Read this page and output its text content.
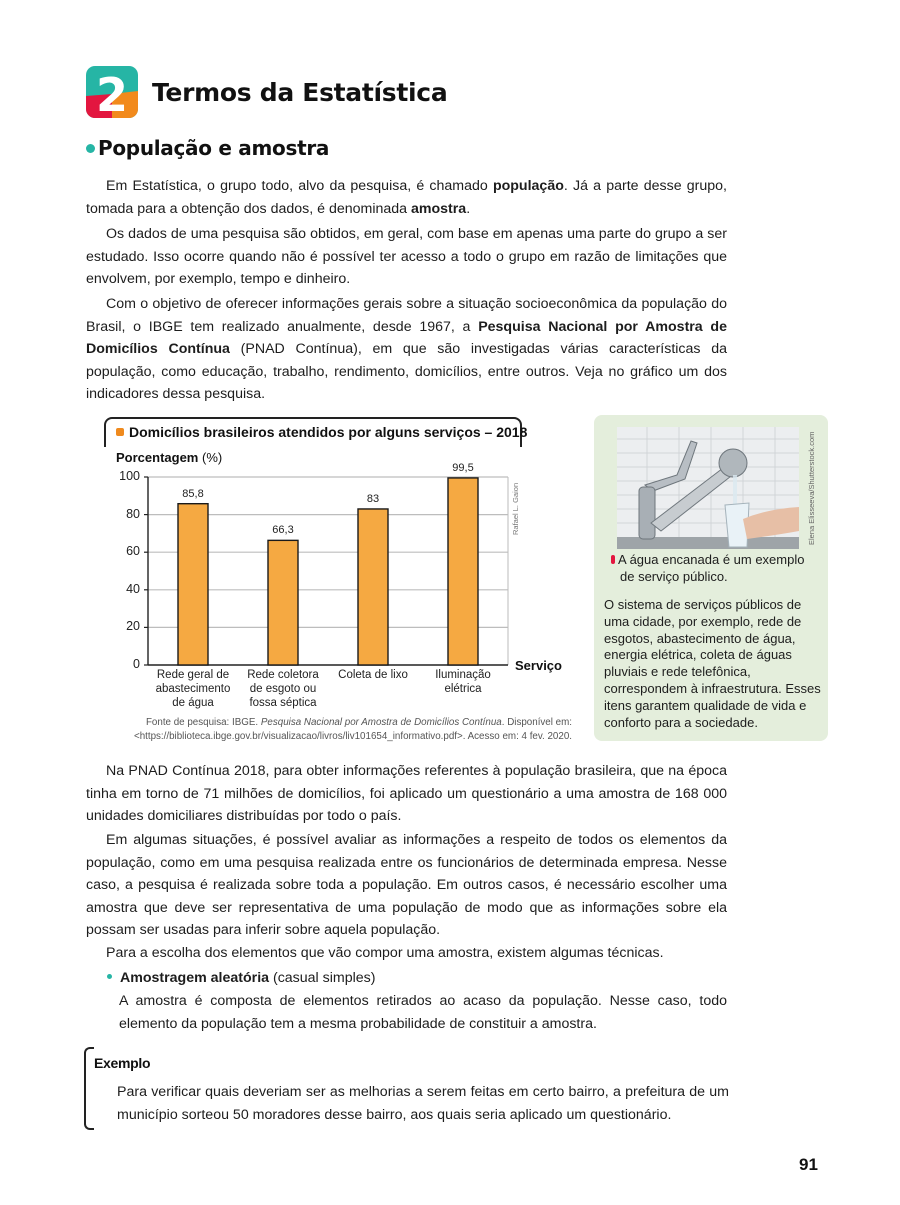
2 Termos da Estatística
População e amostra

Em Estatística, o grupo todo, alvo da pesquisa, é chamado população. Já a parte desse grupo, tomada para a obtenção dos dados, é denominada amostra.

Os dados de uma pesquisa são obtidos, em geral, com base em apenas uma parte do grupo a ser estudado. Isso ocorre quando não é possível ter acesso a todo o grupo em razão de limitações que envolvem, por exemplo, tempo e dinheiro.

Com o objetivo de oferecer informações gerais sobre a situação socioeconômica da população do Brasil, o IBGE tem realizado anualmente, desde 1967, a Pesquisa Nacional por Amostra de Domicílios Contínua (PNAD Contínua), em que são investigadas várias características da população, como educação, trabalho, rendimento, domicílios, entre outros. Veja no gráfico um dos indicadores dessa pesquisa.

Domicílios brasileiros atendidos por alguns serviços – 2018
Porcentagem (%)
0
20
40
60
80
100
85,8
66,3
83
99,5
Rede geral de
abastecimento
de água
Rede coletora
de esgoto ou
fossa séptica
Coleta de lixo	Iluminação
elétrica
Serviço
Rafael L. Gaion
Fonte de pesquisa: IBGE. Pesquisa Nacional por Amostra de Domicílios Contínua. Disponível em:
<https://biblioteca.ibge.gov.br/visualizacao/livros/liv101654_informativo.pdf>. Acesso em: 4 fev. 2020.
Elena Elisseeva/Shutterstock.com
A água encanada é um exemplo
de serviço público.
O sistema de serviços públicos de uma cidade, por exemplo, rede de esgotos, abastecimento de água, energia elétrica, coleta de águas pluviais e rede telefônica, correspondem à infraestrutura. Esses itens garantem qualidade de vida e conforto para a sociedade.

Na PNAD Contínua 2018, para obter informações referentes à população brasileira, que na época tinha em torno de 71 milhões de domicílios, foi aplicado um questionário a uma amostra de 168 000 unidades domiciliares distribuídas por todo o país.

Em algumas situações, é possível avaliar as informações a respeito de todos os elementos da população, como em uma pesquisa realizada entre os funcionários de determinada empresa. Nesse caso, a pesquisa é realizada sobre toda a população. Em outros casos, é necessário escolher uma amostra que deve ser representativa de uma população de modo que as informações sobre ela possam ser usadas para inferir sobre aquela população.

Para a escolha dos elementos que vão compor uma amostra, existem algumas técnicas.

Amostragem aleatória (casual simples)

A amostra é composta de elementos retirados ao acaso da população. Nesse caso, todo elemento da população tem a mesma probabilidade de constituir a amostra.

Exemplo

Para verificar quais deveriam ser as melhorias a serem feitas em certo bairro, a prefeitura de um município sorteou 50 moradores desse bairro, aos quais seria aplicado um questionário.

91
